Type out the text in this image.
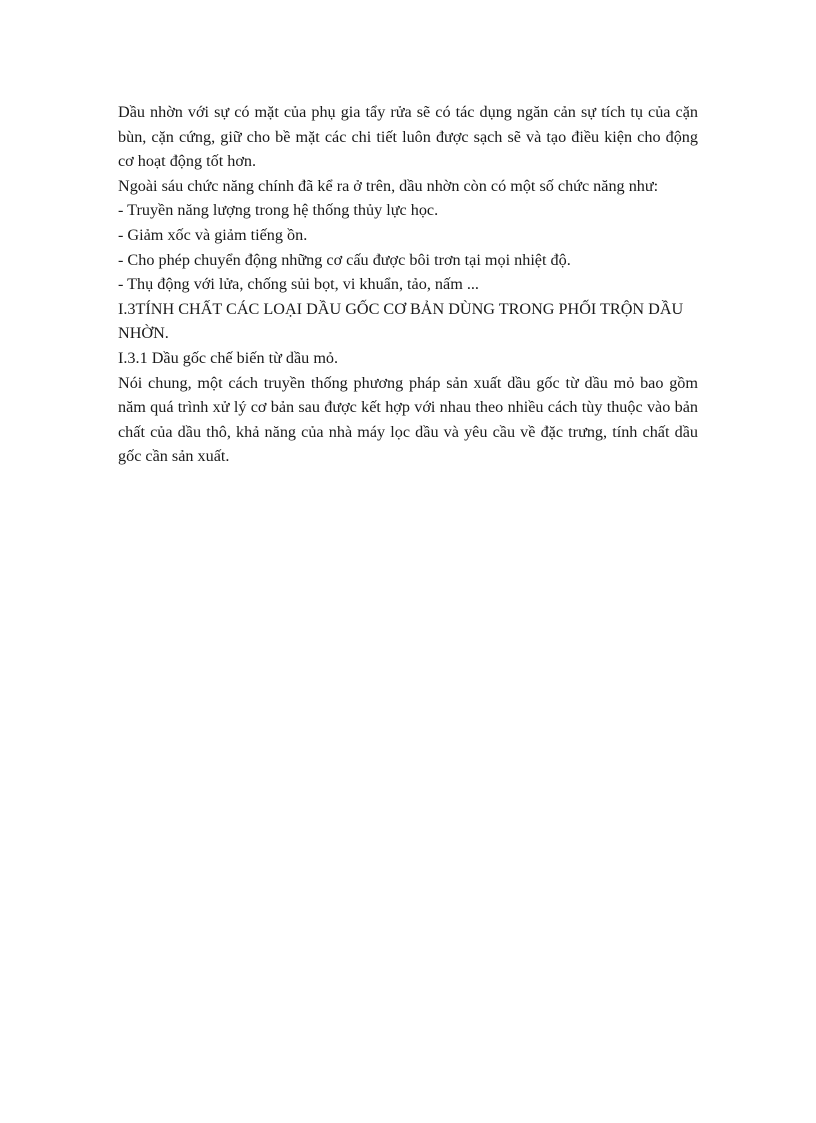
Dầu nhờn với sự có mặt của phụ gia tẩy rửa sẽ có tác dụng ngăn cản sự tích tụ của cặn bùn, cặn cứng, giữ cho bề mặt các chi tiết luôn được sạch sẽ và tạo điều kiện cho động cơ hoạt động tốt hơn.

Ngoài sáu chức năng chính đã kể ra ở trên, dầu nhờn còn có một số chức năng như:

- Truyền năng lượng trong hệ thống thủy lực học.

- Giảm xốc và giảm tiếng ồn.

- Cho phép chuyển động những cơ cấu được bôi trơn tại mọi nhiệt độ.

- Thụ động với lửa, chống sủi bọt, vi khuẩn, tảo, nấm ...

I.3TÍNH CHẤT CÁC LOẠI DẦU GỐC CƠ BẢN DÙNG TRONG PHỐI TRỘN DẦU NHỜN.

I.3.1 Dầu gốc chế biến từ dầu mỏ.

Nói chung, một cách truyền thống phương pháp sản xuất dầu gốc từ dầu mỏ bao gồm năm quá trình xử lý cơ bản sau được kết hợp với nhau theo nhiều cách tùy thuộc vào bản chất của dầu thô, khả năng của nhà máy lọc dầu và yêu cầu về đặc trưng, tính chất dầu gốc cần sản xuất.
